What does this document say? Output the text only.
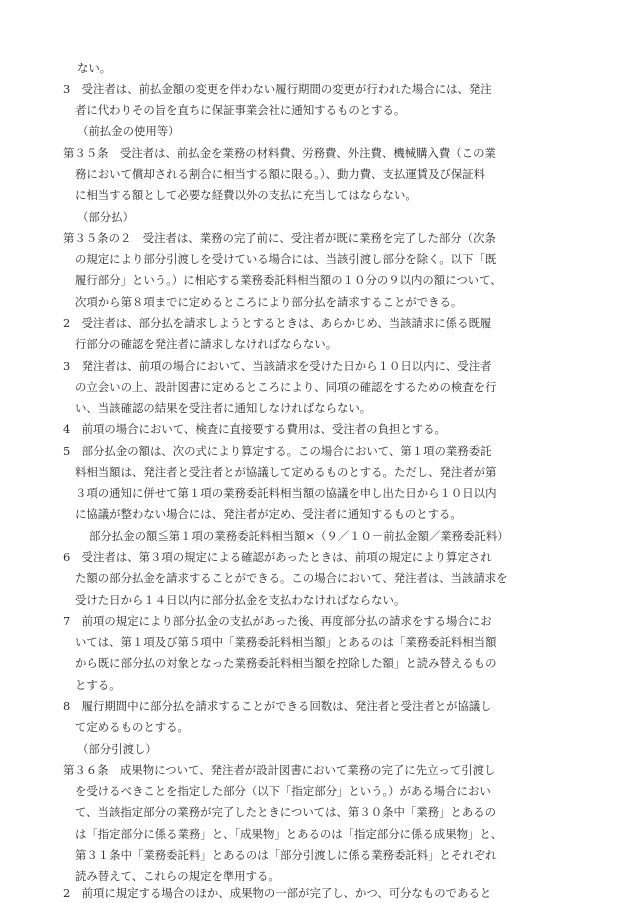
ない。
3　受注者は、前払金額の変更を伴わない履行期間の変更が行われた場合には、発注
者に代わりその旨を直ちに保証事業会社に通知するものとする。
（前払金の使用等）
第３５条　受注者は、前払金を業務の材料費、労務費、外注費、機械購入費（この業
務において償却される割合に相当する額に限る。）、動力費、支払運賃及び保証料
に相当する額として必要な経費以外の支払に充当してはならない。
（部分払）
第３５条の２　受注者は、業務の完了前に、受注者が既に業務を完了した部分（次条
の規定により部分引渡しを受けている場合には、当該引渡し部分を除く。以下「既
履行部分」という。）に相応する業務委託料相当額の１０分の９以内の額について、
次項から第８項までに定めるところにより部分払を請求することができる。
2　受注者は、部分払を請求しようとするときは、あらかじめ、当該請求に係る既履
行部分の確認を発注者に請求しなければならない。
3　発注者は、前項の場合において、当該請求を受けた日から１０日以内に、受注者
の立会いの上、設計図書に定めるところにより、同項の確認をするための検査を行
い、当該確認の結果を受注者に通知しなければならない。
4　前項の場合において、検査に直接要する費用は、受注者の負担とする。
5　部分払金の額は、次の式により算定する。この場合において、第１項の業務委託
料相当額は、発注者と受注者とが協議して定めるものとする。ただし、発注者が第
３項の通知に併せて第１項の業務委託料相当額の協議を申し出た日から１０日以内
に協議が整わない場合には、発注者が定め、受注者に通知するものとする。
部分払金の額≦第１項の業務委託料相当額×（９／１０－前払金額／業務委託料）
6　受注者は、第３項の規定による確認があったときは、前項の規定により算定され
た額の部分払金を請求することができる。この場合において、発注者は、当該請求を
受けた日から１４日以内に部分払金を支払わなければならない。
7　前項の規定により部分払金の支払があった後、再度部分払の請求をする場合にお
いては、第１項及び第５項中「業務委託料相当額」とあるのは「業務委託料相当額
から既に部分払の対象となった業務委託料相当額を控除した額」と読み替えるもの
とする。
8　履行期間中に部分払を請求することができる回数は、発注者と受注者とが協議し
て定めるものとする。
（部分引渡し）
第３６条　成果物について、発注者が設計図書において業務の完了に先立って引渡し
を受けるべきことを指定した部分（以下「指定部分」という。）がある場合におい
て、当該指定部分の業務が完了したときについては、第３０条中「業務」とあるの
は「指定部分に係る業務」と、「成果物」とあるのは「指定部分に係る成果物」と、
第３１条中「業務委託料」とあるのは「部分引渡しに係る業務委託料」とそれぞれ
読み替えて、これらの規定を準用する。
2　前項に規定する場合のほか、成果物の一部が完了し、かつ、可分なものであると
